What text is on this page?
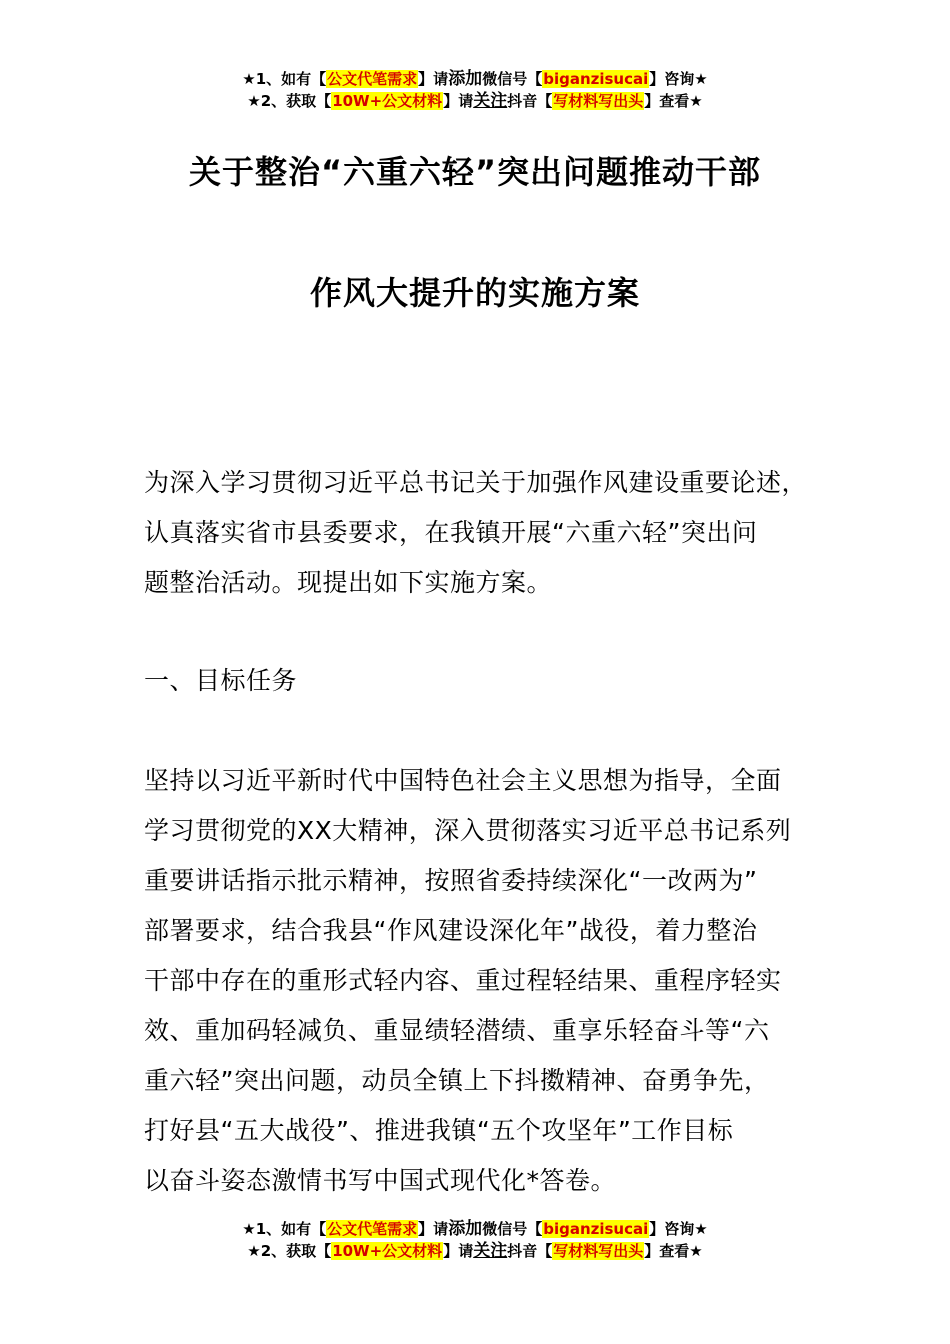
★1、如有【公文代笔需求】请添加微信号【biganzisucai】咨询★
★2、获取【10W+公文材料】请关注抖音【写材料写出头】查看★
关于整治“六重六轻”突出问题推动干部
作风大提升的实施方案
为深入学习贯彻习近平总书记关于加强作风建设重要论述，
认真落实省市县委要求，在我镇开展“六重六轻”突出问
题整治活动。现提出如下实施方案。
一、目标任务
坚持以习近平新时代中国特色社会主义思想为指导，全面
学习贯彻党的XX大精神，深入贯彻落实习近平总书记系列
重要讲话指示批示精神，按照省委持续深化“一改两为”
部署要求，结合我县“作风建设深化年”战役，着力整治
干部中存在的重形式轻内容、重过程轻结果、重程序轻实
效、重加码轻减负、重显绩轻潜绩、重享乐轻奋斗等“六
重六轻”突出问题，动员全镇上下抖擞精神、奋勇争先，
打好县“五大战役”、推进我镇“五个攻坚年”工作目标
以奋斗姿态激情书写中国式现代化*答卷。
★1、如有【公文代笔需求】请添加微信号【biganzisucai】咨询★
★2、获取【10W+公文材料】请关注抖音【写材料写出头】查看★
